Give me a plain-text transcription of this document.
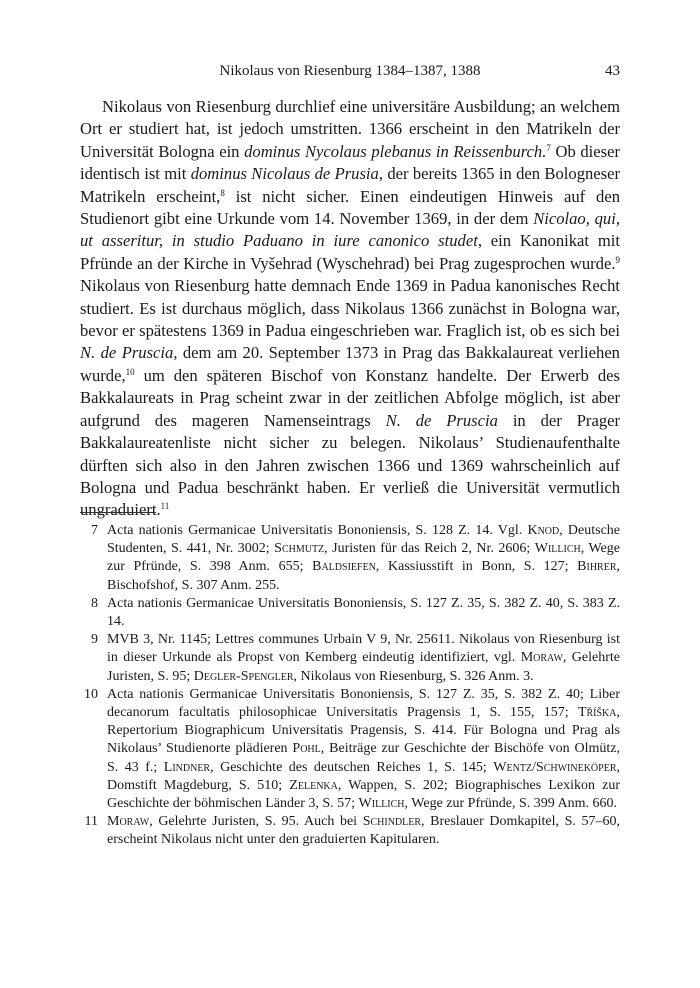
Nikolaus von Riesenburg 1384–1387, 1388	43

Nikolaus von Riesenburg durchlief eine universitäre Ausbildung; an welchem Ort er studiert hat, ist jedoch umstritten. 1366 erscheint in den Matrikeln der Universität Bologna ein dominus Nycolaus plebanus in Reissenburch.$^7$ Ob dieser identisch ist mit dominus Nicolaus de Prusia, der bereits 1365 in den Bologneser Matrikeln erscheint,$^8$ ist nicht sicher. Einen eindeutigen Hinweis auf den Studienort gibt eine Urkunde vom 14. November 1369, in der dem Nicolao, qui, ut asseritur, in studio Paduano in iure canonico studet, ein Kanonikat mit Pfründe an der Kirche in Vyšehrad (Wyschehrad) bei Prag zugesprochen wurde.$^9$ Nikolaus von Riesenburg hatte demnach Ende 1369 in Padua kanonisches Recht studiert. Es ist durchaus möglich, dass Nikolaus 1366 zunächst in Bologna war, bevor er spätestens 1369 in Padua eingeschrieben war. Fraglich ist, ob es sich bei N. de Pruscia, dem am 20. September 1373 in Prag das Bakkalaureat verliehen wurde,$^{10}$ um den späteren Bischof von Konstanz handelte. Der Erwerb des Bakkalaureats in Prag scheint zwar in der zeitlichen Abfolge möglich, ist aber aufgrund des mageren Namenseintrags N. de Pruscia in der Prager Bakkalaureatenliste nicht sicher zu belegen. Nikolaus’ Studienaufenthalte dürften sich also in den Jahren zwischen 1366 und 1369 wahrscheinlich auf Bologna und Padua beschränkt haben. Er verließ die Universität vermutlich ungraduiert.$^{11}$

7 Acta nationis Germanicae Universitatis Bononiensis, S. 128 Z. 14. Vgl. Knod, Deutsche Studenten, S. 441, Nr. 3002; Schmutz, Juristen für das Reich 2, Nr. 2606; Willich, Wege zur Pfründe, S. 398 Anm. 655; Baldsiefen, Kassiusstift in Bonn, S. 127; Bihrer, Bischofshof, S. 307 Anm. 255.
8 Acta nationis Germanicae Universitatis Bononiensis, S. 127 Z. 35, S. 382 Z. 40, S. 383 Z. 14.
9 MVB 3, Nr. 1145; Lettres communes Urbain V 9, Nr. 25611. Nikolaus von Riesenburg ist in dieser Urkunde als Propst von Kemberg eindeutig identifiziert, vgl. Moraw, Gelehrte Juristen, S. 95; Degler-Spengler, Nikolaus von Riesenburg, S. 326 Anm. 3.
10 Acta nationis Germanicae Universitatis Bononiensis, S. 127 Z. 35, S. 382 Z. 40; Liber decanorum facultatis philosophicae Universitatis Pragensis 1, S. 155, 157; Tříška, Repertorium Biographicum Universitatis Pragensis, S. 414. Für Bologna und Prag als Nikolaus’ Studienorte plädieren Pohl, Beiträge zur Geschichte der Bischöfe von Olmütz, S. 43 f.; Lindner, Geschichte des deutschen Reiches 1, S. 145; Wentz/Schwineköper, Domstift Magdeburg, S. 510; Zelenka, Wappen, S. 202; Biographisches Lexikon zur Geschichte der böhmischen Länder 3, S. 57; Willich, Wege zur Pfründe, S. 399 Anm. 660.
11 Moraw, Gelehrte Juristen, S. 95. Auch bei Schindler, Breslauer Domkapitel, S. 57–60, erscheint Nikolaus nicht unter den graduierten Kapitularen.
